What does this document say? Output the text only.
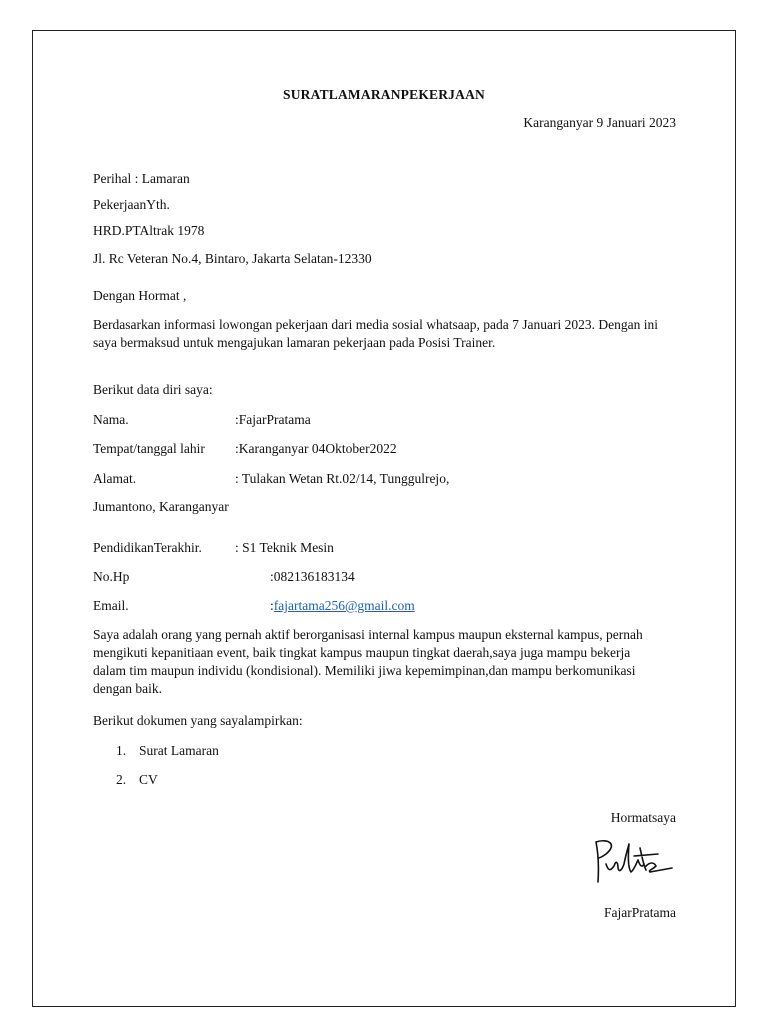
SURATLAMARANPEKERJAAN
Karanganyar 9 Januari 2023
Perihal : Lamaran
PekerjaanYth.
HRD.PTAltrak 1978
Jl. Rc Veteran No.4, Bintaro, Jakarta Selatan-12330
Dengan Hormat ,
Berdasarkan informasi lowongan pekerjaan dari media sosial whatsaap, pada 7 Januari 2023. Dengan ini saya bermaksud untuk mengajukan lamaran pekerjaan pada Posisi Trainer.
Berikut data diri saya:
Nama.	:FajarPratama
Tempat/tanggal lahir :Karanganyar 04Oktober2022
Alamat.	: Tulakan Wetan Rt.02/14, Tunggulrejo,
Jumantono, Karanganyar
PendidikanTerakhir. : S1 Teknik Mesin
No.Hp	:082136183134
Email.	:fajartama256@gmail.com
Saya adalah orang yang pernah aktif berorganisasi internal kampus maupun eksternal kampus, pernah mengikuti kepanitiaan event, baik tingkat kampus maupun tingkat daerah,saya juga mampu bekerja dalam tim maupun individu (kondisional). Memiliki jiwa kepemimpinan,dan mampu berkomunikasi dengan baik.
Berikut dokumen yang sayalampirkan:
1. Surat Lamaran
2. CV
Hormatsaya
FajarPratama
